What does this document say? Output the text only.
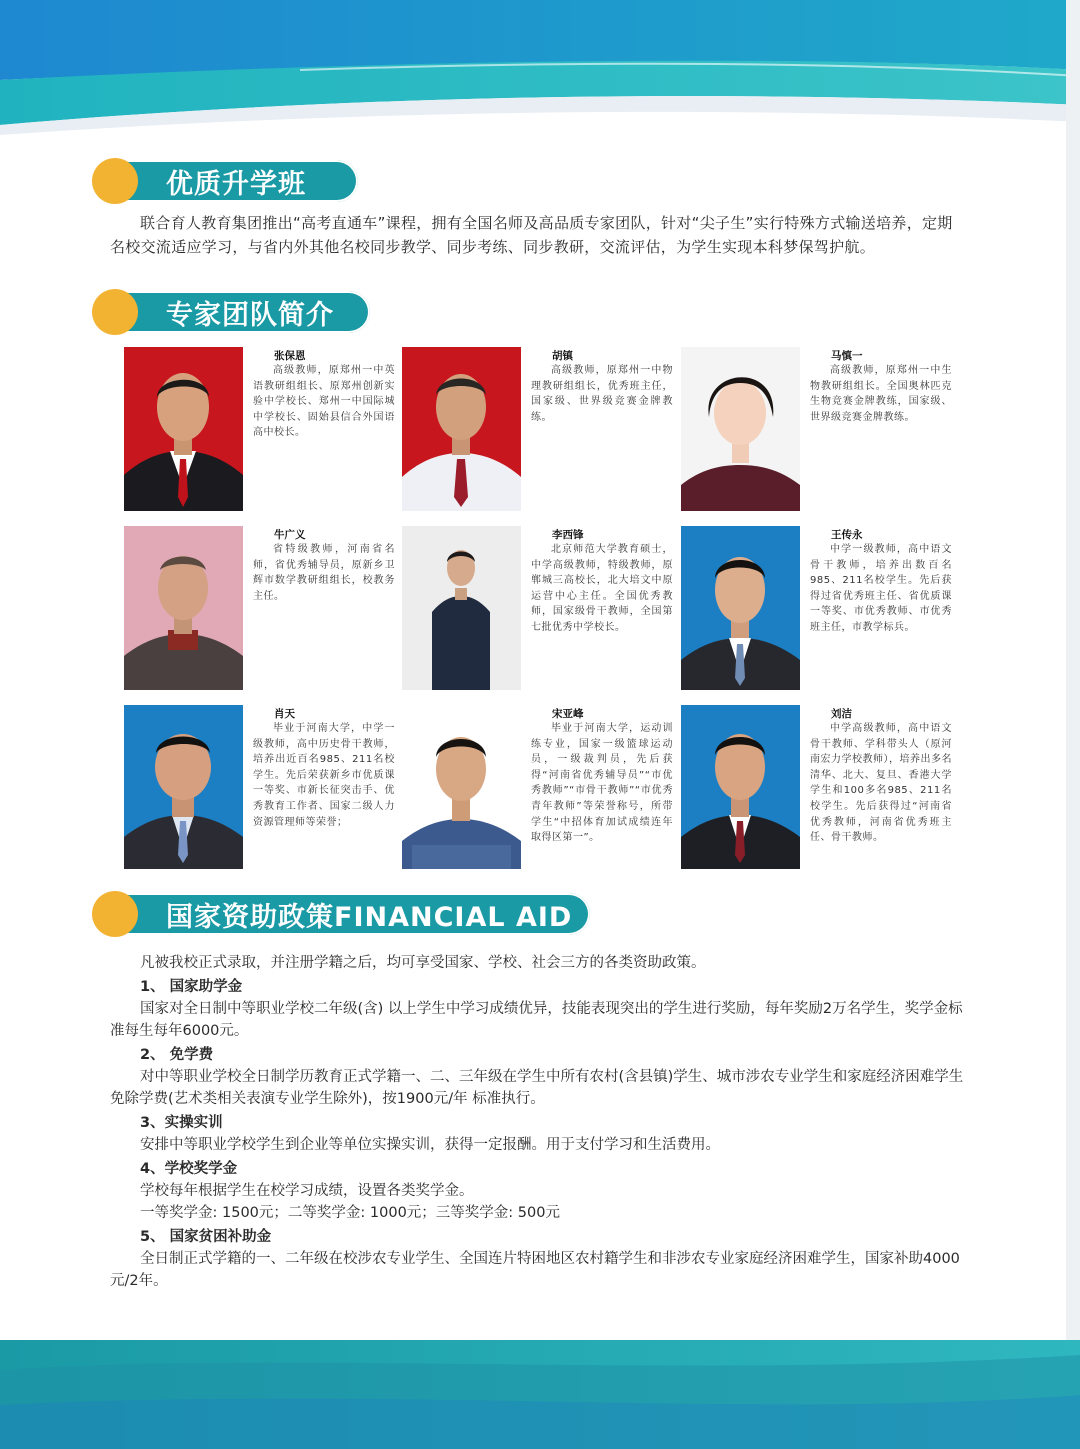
优质升学班
联合育人教育集团推出“高考直通车”课程，拥有全国名师及高品质专家团队，针对“尖子生”实行特殊方式输送培养，定期名校交流适应学习，与省内外其他名校同步教学、同步考练、同步教研，交流评估，为学生实现本科梦保驾护航。
专家团队简介
张保恩
高级教师，原郑州一中英语教研组组长、原郑州创新实验中学校长、郑州一中国际城中学校长、固始县信合外国语高中校长。
胡镇
高级教师，原郑州一中物理教研组组长，优秀班主任，国家级、世界级竞赛金牌教练。
马慎一
高级教师，原郑州一中生物教研组组长。全国奥林匹克生物竞赛金牌教练，国家级、世界级竞赛金牌教练。
牛广义
省特级教师，河南省名师，省优秀辅导员，原新乡卫辉市数学教研组组长，校教务主任。
李西锋
北京师范大学教育硕士，中学高级教师，特级教师，原郸城三高校长，北大培文中原运营中心主任。全国优秀教师，国家级骨干教师，全国第七批优秀中学校长。
王传永
中学一级教师，高中语文骨干教师，培养出数百名985、211名校学生。先后获得过省优秀班主任、省优质课一等奖、市优秀教师、市优秀班主任，市教学标兵。
肖天
毕业于河南大学，中学一级教师，高中历史骨干教师，培养出近百名985、211名校学生。先后荣获新乡市优质课一等奖、市新长征突击手、优秀教育工作者、国家二级人力资源管理师等荣誉；
宋亚峰
毕业于河南大学，运动训练专业，国家一级篮球运动员，一级裁判员，先后获得“河南省优秀辅导员”“市优秀教师”“市骨干教师”“市优秀青年教师”等荣誉称号，所带学生“中招体育加试成绩连年取得区第一”。
刘洁
中学高级教师，高中语文骨干教师、学科带头人（原河南宏力学校教师），培养出多名清华、北大、复旦、香港大学学生和100多名985、211名校学生。先后获得过“河南省优秀教师，河南省优秀班主任、骨干教师。
国家资助政策FINANCIAL AID
凡被我校正式录取，并注册学籍之后，均可享受国家、学校、社会三方的各类资助政策。
1、 国家助学金
国家对全日制中等职业学校二年级(含) 以上学生中学习成绩优异，技能表现突出的学生进行奖励，每年奖励2万名学生，奖学金标准每生每年6000元。
2、 免学费
对中等职业学校全日制学历教育正式学籍一、二、三年级在学生中所有农村(含县镇)学生、城市涉农专业学生和家庭经济困难学生免除学费(艺术类相关表演专业学生除外)，按1900元/年 标准执行。
3、实操实训
安排中等职业学校学生到企业等单位实操实训，获得一定报酬。用于支付学习和生活费用。
4、学校奖学金
学校每年根据学生在校学习成绩，设置各类奖学金。
一等奖学金: 1500元；二等奖学金: 1000元；三等奖学金: 500元
5、 国家贫困补助金
全日制正式学籍的一、二年级在校涉农专业学生、全国连片特困地区农村籍学生和非涉农专业家庭经济困难学生，国家补助4000元/2年。
